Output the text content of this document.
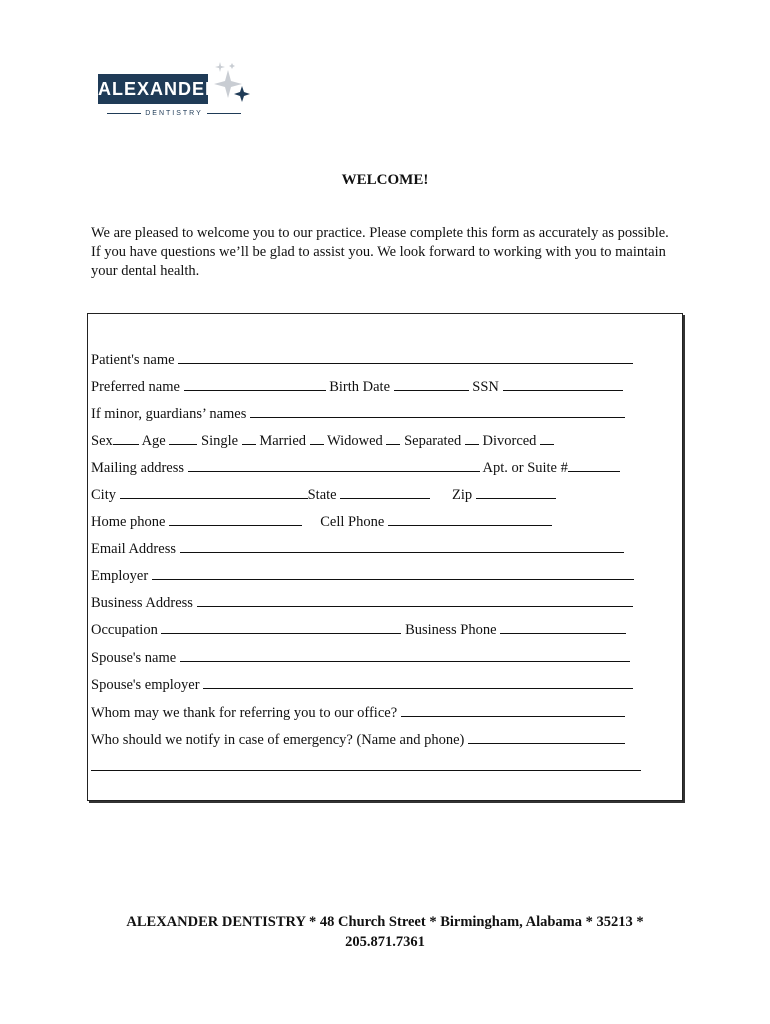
ALEXANDER
DENTISTRY
WELCOME!
We are pleased to welcome you to our practice. Please complete this form as accurately as possible. If you have questions we’ll be glad to assist you. We look forward to working with you to maintain your dental health.
Patient's name
Preferred name	Birth Date	SSN
If minor, guardians’ names
Sex Age Single Married Widowed Separated Divorced
Mailing address	Apt. or Suite #
City	State	Zip
Home phone	Cell Phone
Email Address
Employer
Business Address
Occupation	Business Phone
Spouse's name
Spouse's employer
Whom may we thank for referring you to our office?
Who should we notify in case of emergency? (Name and phone)
ALEXANDER DENTISTRY * 48 Church Street * Birmingham, Alabama * 35213 *
205.871.7361
